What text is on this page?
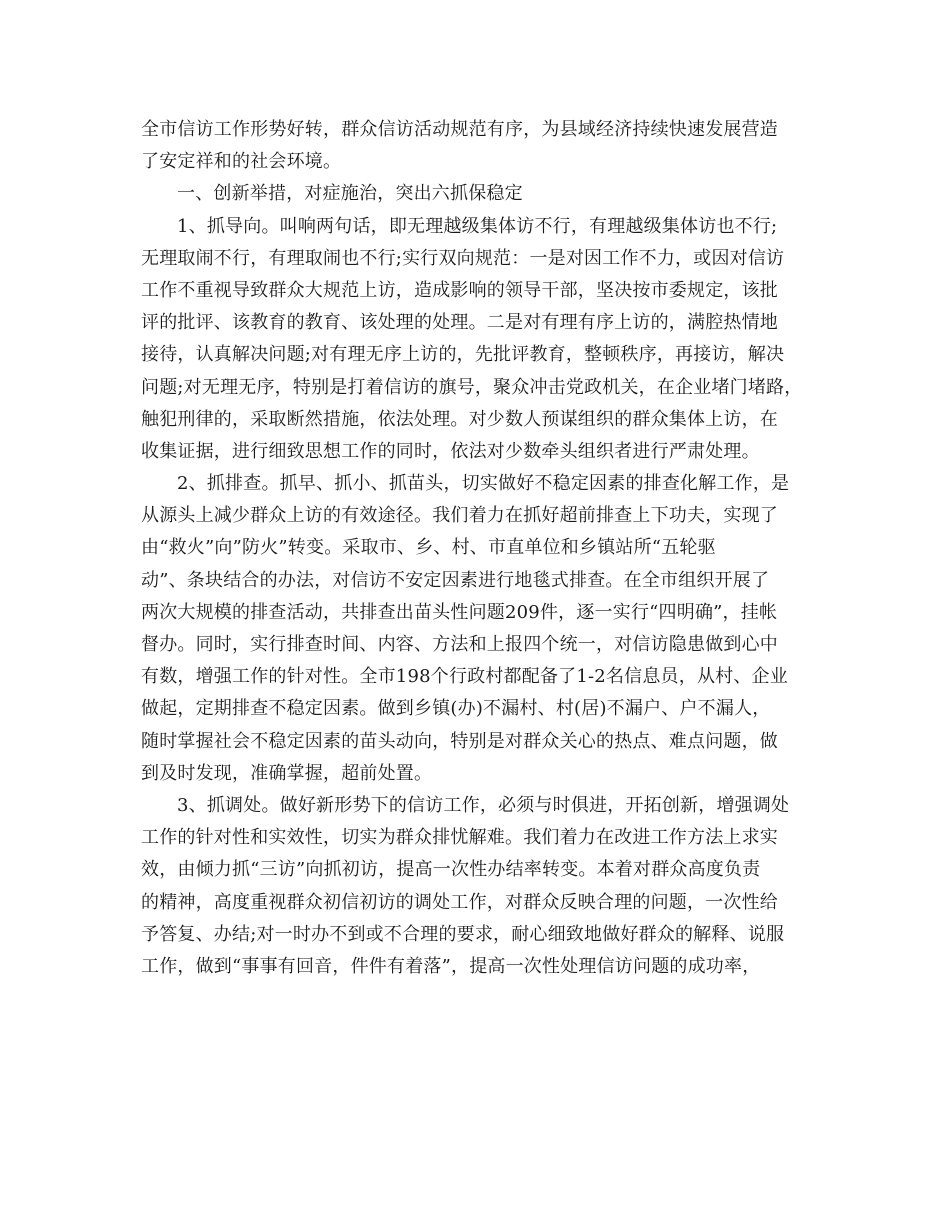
全市信访工作形势好转，群众信访活动规范有序，为县域经济持续快速发展营造
了安定祥和的社会环境。
一、创新举措，对症施治，突出六抓保稳定
1、抓导向。叫响两句话，即无理越级集体访不行，有理越级集体访也不行;
无理取闹不行，有理取闹也不行;实行双向规范：一是对因工作不力，或因对信访
工作不重视导致群众大规范上访，造成影响的领导干部，坚决按市委规定，该批
评的批评、该教育的教育、该处理的处理。二是对有理有序上访的，满腔热情地
接待，认真解决问题;对有理无序上访的，先批评教育，整顿秩序，再接访，解决
问题;对无理无序，特别是打着信访的旗号，聚众冲击党政机关，在企业堵门堵路，
触犯刑律的，采取断然措施，依法处理。对少数人预谋组织的群众集体上访，在
收集证据，进行细致思想工作的同时，依法对少数牵头组织者进行严肃处理。
2、抓排查。抓早、抓小、抓苗头，切实做好不稳定因素的排查化解工作，是
从源头上减少群众上访的有效途径。我们着力在抓好超前排查上下功夫，实现了
由“救火”向”防火”转变。采取市、乡、村、市直单位和乡镇站所“五轮驱
动”、条块结合的办法，对信访不安定因素进行地毯式排查。在全市组织开展了
两次大规模的排查活动，共排查出苗头性问题209件，逐一实行“四明确”，挂帐
督办。同时，实行排查时间、内容、方法和上报四个统一，对信访隐患做到心中
有数，增强工作的针对性。全市198个行政村都配备了1-2名信息员，从村、企业
做起，定期排查不稳定因素。做到乡镇(办)不漏村、村(居)不漏户、户不漏人，
随时掌握社会不稳定因素的苗头动向，特别是对群众关心的热点、难点问题，做
到及时发现，准确掌握，超前处置。
3、抓调处。做好新形势下的信访工作，必须与时俱进，开拓创新，增强调处
工作的针对性和实效性，切实为群众排忧解难。我们着力在改进工作方法上求实
效，由倾力抓“三访”向抓初访，提高一次性办结率转变。本着对群众高度负责
的精神，高度重视群众初信初访的调处工作，对群众反映合理的问题，一次性给
予答复、办结;对一时办不到或不合理的要求，耐心细致地做好群众的解释、说服
工作，做到“事事有回音，件件有着落”，提高一次性处理信访问题的成功率，
